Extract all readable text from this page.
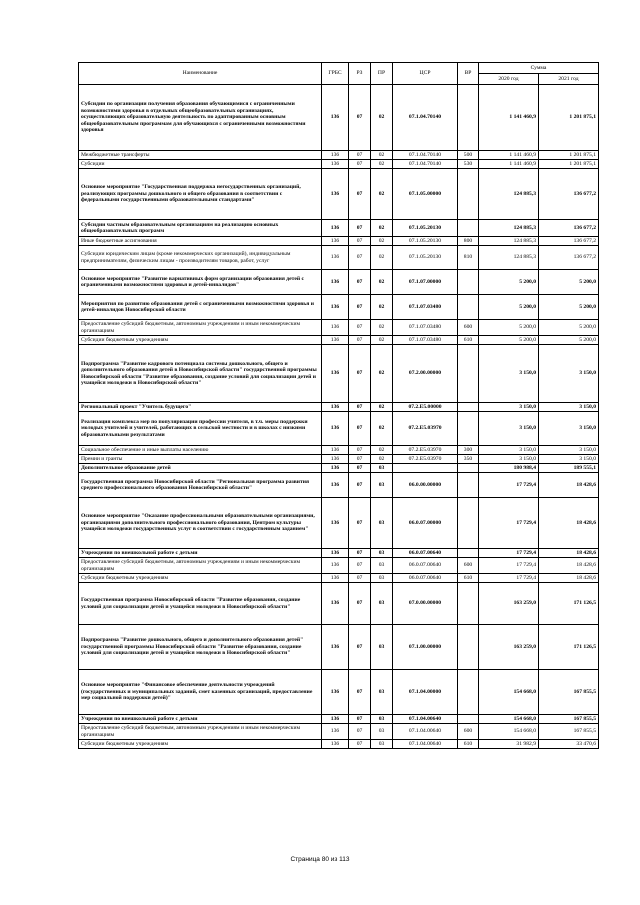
Наименование	ГРБС	РЗ	ПР	ЦСР	ВР	Сумма	
						2020 год	2021 год
Субсидии по организации получения образования обучающимися с ограниченными возможностями здоровья в отдельных общеобразовательных организациях, осуществляющих образовательную деятельность по адаптированным основным общеобразовательным программам для обучающихся с ограниченными возможностями здоровья	136	07	02	07.1.04.70140		1 141 460,9	1 201 875,1
Межбюджетные трансферты	136	07	02	07.1.04.70140	500	1 141 460,9	1 201 875,1
Субсидии	136	07	02	07.1.04.70140	530	1 141 460,9	1 201 875,1
Основное мероприятие "Государственная поддержка негосударственных организаций, реализующих программы дошкольного и общего образования в соответствии с федеральными государственными образовательными стандартами"	136	07	02	07.1.05.00000		124 885,3	136 677,2
Субсидии частным образовательным организациям на реализацию основных общеобразовательных программ	136	07	02	07.1.05.20130		124 885,3	136 677,2
Иные бюджетные ассигнования	136	07	02	07.1.05.20130	800	124 885,3	136 677,2
Субсидии юридическим лицам (кроме некоммерческих организаций), индивидуальным предпринимателям, физическим лицам - производителям товаров, работ, услуг	136	07	02	07.1.05.20130	810	124 885,3	136 677,2
Основное мероприятие "Развитие вариативных форм организации образования детей с ограниченными возможностями здоровья и детей-инвалидов"	136	07	02	07.1.07.00000		5 200,0	5 200,0
Мероприятия по развитию образования детей с ограниченными возможностями здоровья и детей-инвалидов Новосибирской области	136	07	02	07.1.07.03480		5 200,0	5 200,0
Предоставление субсидий бюджетным, автономным учреждениям и иным некоммерческим организациям	136	07	02	07.1.07.03480	600	5 200,0	5 200,0
Субсидии бюджетным учреждениям	136	07	02	07.1.07.03480	610	5 200,0	5 200,0
Подпрограмма "Развитие кадрового потенциала системы дошкольного, общего и дополнительного образования детей в Новосибирской области" государственной программы Новосибирской области "Развитие образования, создание условий для социализации детей и учащейся молодежи в Новосибирской области"	136	07	02	07.2.00.00000		3 150,0	3 150,0
Региональный проект "Учитель будущего"	136	07	02	07.2.E5.00000		3 150,0	3 150,0
Реализация комплекса мер по популяризации профессии учителя, в т.ч. меры поддержки молодых учителей и учителей, работающих в сельской местности и в школах с низкими образовательными результатами	136	07	02	07.2.E5.03970		3 150,0	3 150,0
Социальное обеспечение и иные выплаты населению	136	07	02	07.2.E5.03970	300	3 150,0	3 150,0
Премии и гранты	136	07	02	07.2.E5.03970	350	3 150,0	3 150,0
Дополнительное образование детей	136	07	03			180 988,4	189 555,1
Государственная программа Новосибирской области "Региональная программа развития среднего профессионального образования Новосибирской области"	136	07	03	06.0.00.00000		17 729,4	18 428,6
Основное мероприятие "Оказание профессиональными образовательными организациями, организациями дополнительного профессионального образования, Центром культуры учащейся молодежи государственных услуг в соответствии с государственным заданием"	136	07	03	06.0.07.00000		17 729,4	18 428,6
Учреждения по внешкольной работе с детьми	136	07	03	06.0.07.00640		17 729,4	18 428,6
Предоставление субсидий бюджетным, автономным учреждениям и иным некоммерческим организациям	136	07	03	06.0.07.00640	600	17 729,4	18 428,6
Субсидии бюджетным учреждениям	136	07	03	06.0.07.00640	610	17 729,4	18 428,6
Государственная программа Новосибирской области "Развитие образования, создание условий для социализации детей и учащейся молодежи в Новосибирской области"	136	07	03	07.0.00.00000		163 259,0	171 126,5
Подпрограмма "Развитие дошкольного, общего и дополнительного образования детей" государственной программы Новосибирской области "Развитие образования, создание условий для социализации детей и учащейся молодежи в Новосибирской области"	136	07	03	07.1.00.00000		163 259,0	171 126,5
Основное мероприятие "Финансовое обеспечение деятельности учреждений (государственных и муниципальных заданий, смет казенных организаций, предоставление мер социальной поддержки детей)"	136	07	03	07.1.04.00000		154 668,0	167 855,5
Учреждения по внешкольной работе с детьми	136	07	03	07.1.04.00640		154 668,0	167 855,5
Предоставление субсидий бюджетным, автономным учреждениям и иным некоммерческим организациям	136	07	03	07.1.04.00640	600	154 668,0	167 855,5
Субсидии бюджетным учреждениям	136	07	03	07.1.04.00640	610	31 982,9	33 470,6
Страница 80 из 113
